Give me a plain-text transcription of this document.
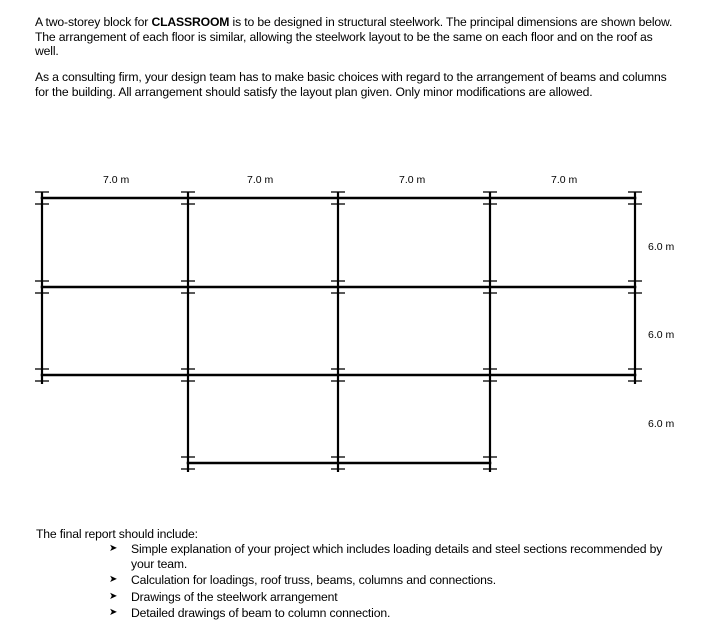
A two-storey block for CLASSROOM is to be designed in structural steelwork. The principal dimensions are shown below. The arrangement of each floor is similar, allowing the steelwork layout to be the same on each floor and on the roof as well.

As a consulting firm, your design team has to make basic choices with regard to the arrangement of beams and columns for the building. All arrangement should satisfy the layout plan given. Only minor modifications are allowed.

7.0 m	7.0 m	7.0 m	7.0 m
6.0 m
6.0 m
6.0 m

The final report should include:

➤ Simple explanation of your project which includes loading details and steel sections recommended by your team.
➤ Calculation for loadings, roof truss, beams, columns and connections.
➤ Drawings of the steelwork arrangement
➤ Detailed drawings of beam to column connection.
